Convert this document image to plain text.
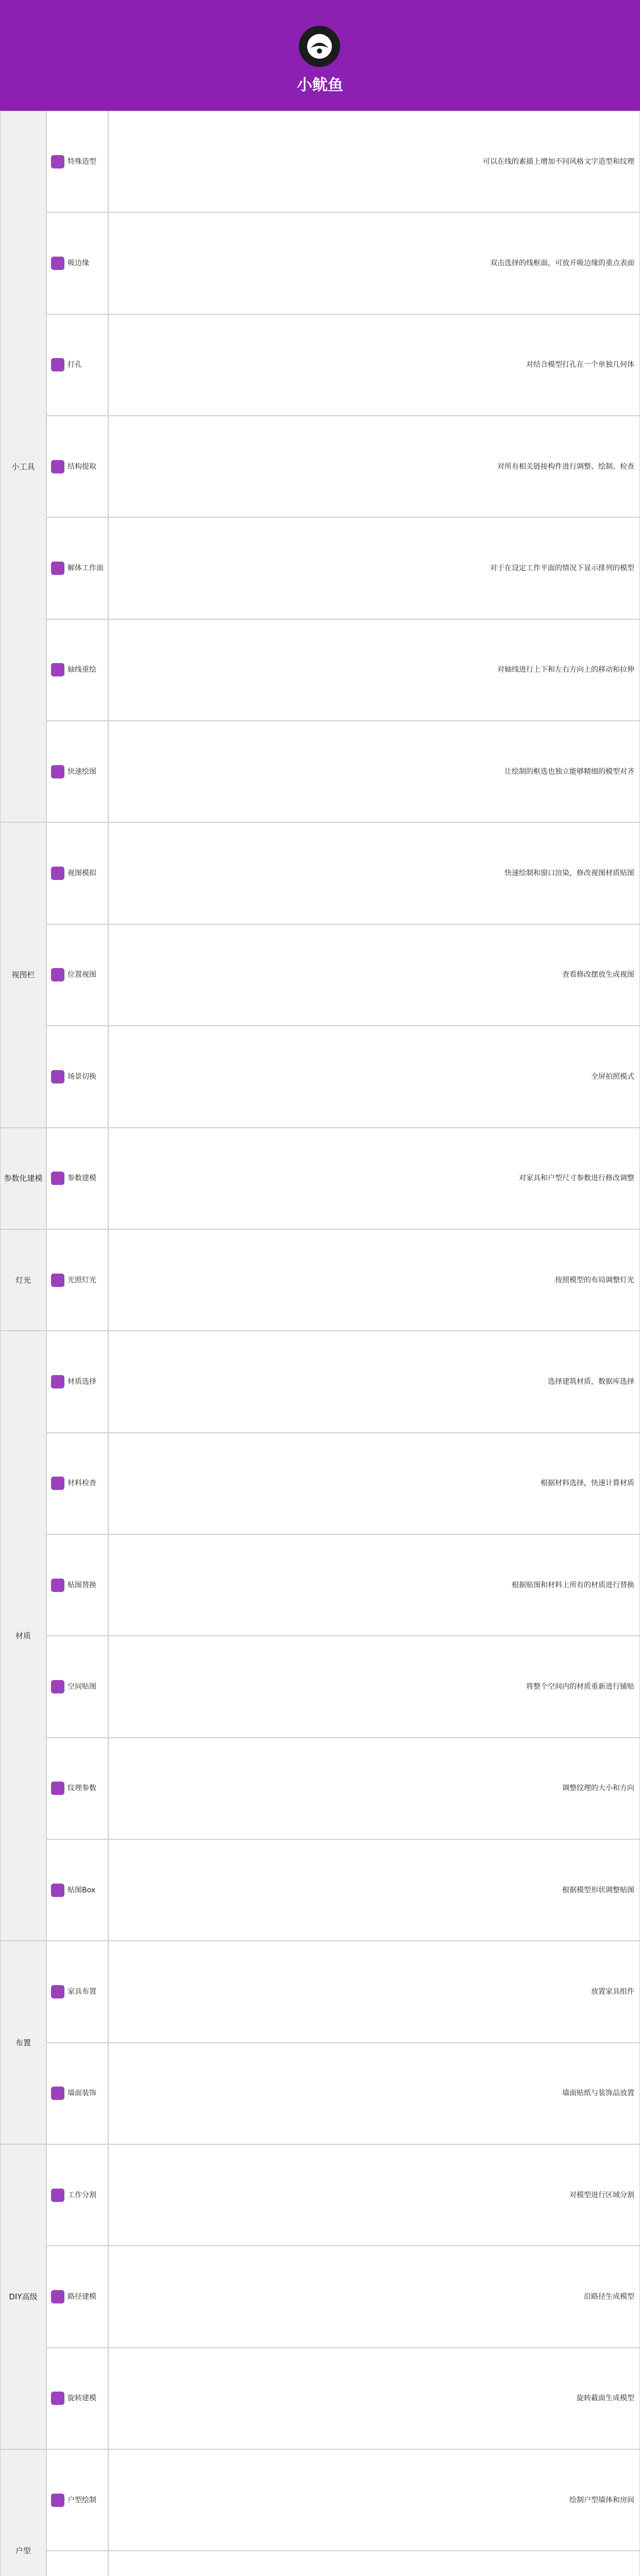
小鱿鱼
小工具
特殊造型	可以在线的素描上增加不同风格文字造型和纹理
吸边缘	双击选择的线框面，可放开吸边缘的重点表面
打孔	对结合模型打孔在一个单独几何体
结构提取	对所有相关链接构件进行调整、绘制、检查
解体工作面	对于在设定工作平面的情况下显示排列的模型
轴线重绘	对轴线进行上下和左右方向上的移动和拉伸
快速绘图	让绘制的框选也独立能够精细的模型对齐
视图栏
视图模拟	快速绘制和窗口渲染，修改视图材质贴图
位置视图	查看修改摆放生成视图
场景切换	全屏拍照模式
参数化建模	参数建模	对家具和户型尺寸参数进行修改调整
灯光	光照灯光	按照模型的布局调整灯光
材质
材质选择	选择建筑材质，数据库选择
材料检查	根据材料选择，快速计算材质
贴图替换	根据贴图和材料上所有的材质进行替换
空间贴图	将整个空间内的材质重新进行铺贴
纹理参数	调整纹理的大小和方向
贴图Box	根据模型形状调整贴图
布置
家具布置	放置家具组件
墙面装饰	墙面贴纸与装饰品放置
DIY高级
工作分割	对模型进行区域分割
路径建模	沿路径生成模型
旋转建模	旋转截面生成模型
户型
户型绘制	绘制户型墙体和房间
